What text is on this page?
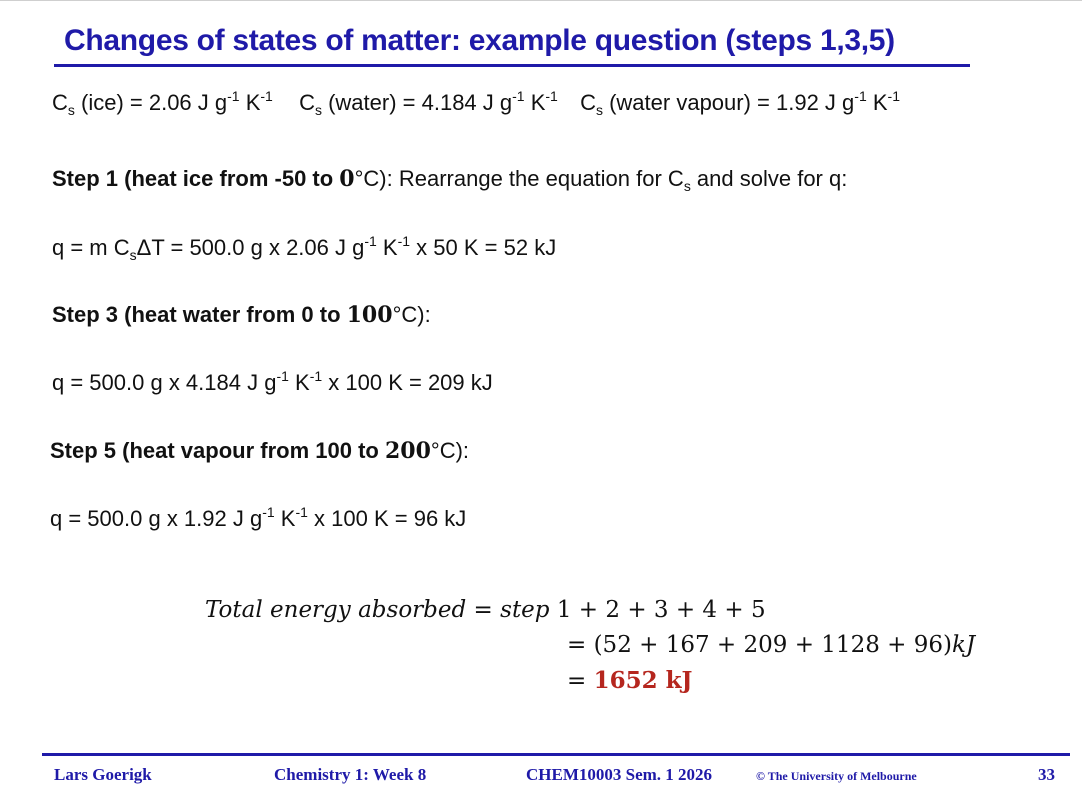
Changes of states of matter: example question (steps 1,3,5)
$C_s$ (ice) = 2.06 J $g^{-1}$ $K^{-1}$ $C_s$ (water) = 4.184 J $g^{-1}$ $K^{-1}$ $C_s$ (water vapour) = 1.92 J $g^{-1}$ $K^{-1}$
Step 1 (heat ice from -50 to 0°C): Rearrange the equation for $C_s$ and solve for q:
q = m $C_s\Delta T = 500.0$ g x 2.06 J $g^{-1}$ $K^{-1}$ x 50 K = 52 kJ
Step 3 (heat water from 0 to 100°C):
q = 500.0 g x 4.184 J $g^{-1}$ $K^{-1}$ x 100 K = 209 kJ
Step 5 (heat vapour from 100 to 200°C):
q = 500.0 g x 1.92 J $g^{-1}$ $K^{-1}$ x 100 K = 96 kJ
Total energy absorbed = step 1 + 2 + 3 + 4 + 5
= (52 + 167 + 209 + 1128 + 96)kJ
= 1652 kJ
Lars Goerigk	Chemistry 1: Week 8	CHEM10003 Sem. 1 2026	© The University of Melbourne	33
